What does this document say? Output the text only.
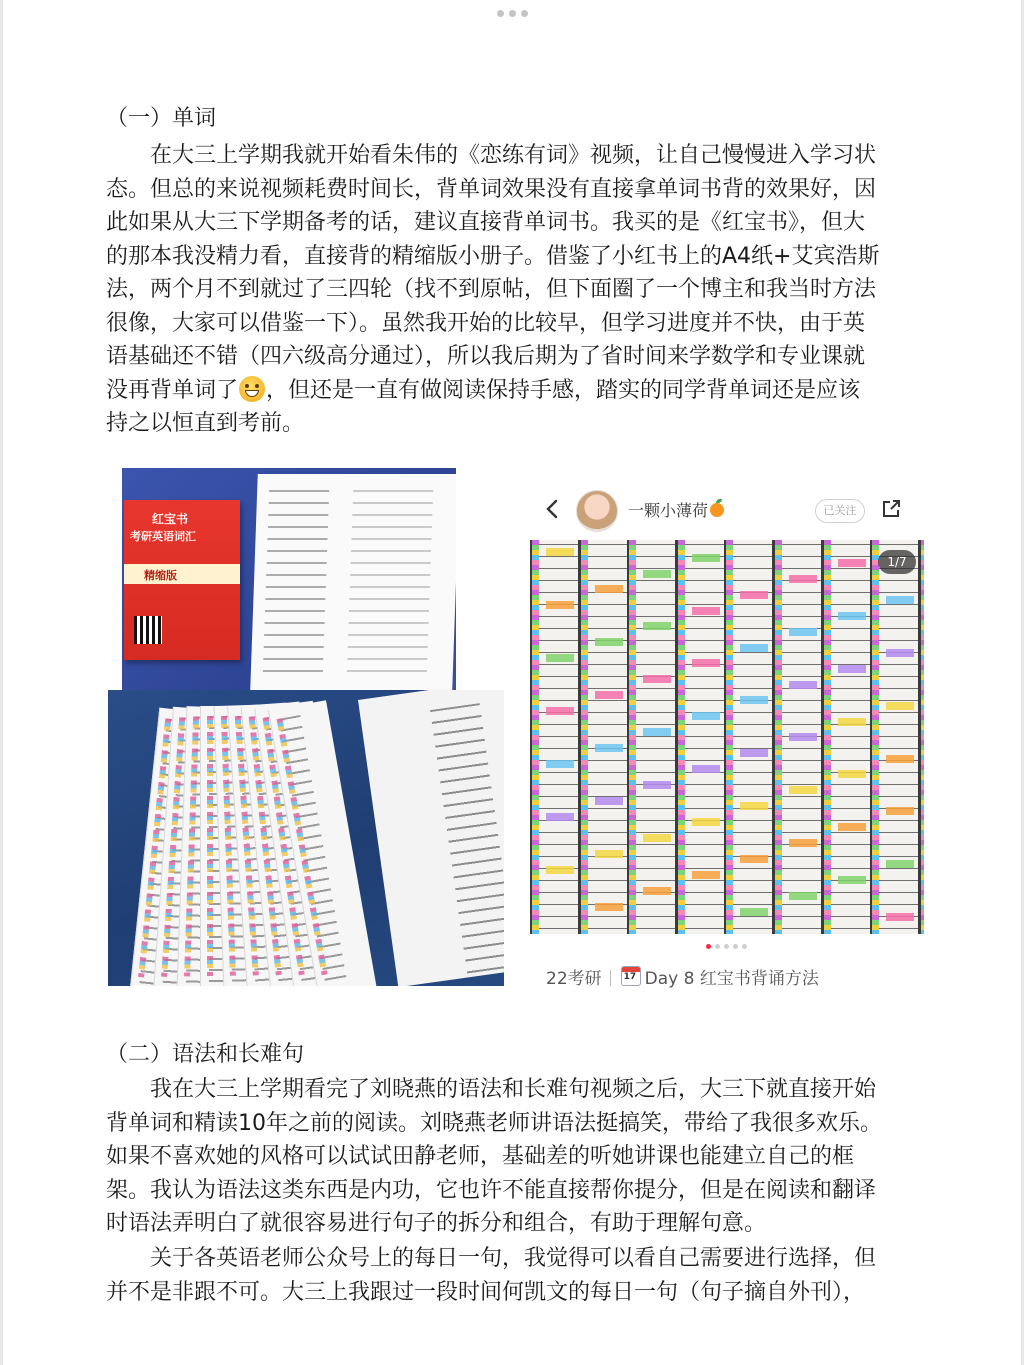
（一）单词
　　在大三上学期我就开始看朱伟的《恋练有词》视频，让自己慢慢进入学习状
态。但总的来说视频耗费时间长，背单词效果没有直接拿单词书背的效果好，因
此如果从大三下学期备考的话，建议直接背单词书。我买的是《红宝书》，但大
的那本我没精力看，直接背的精缩版小册子。借鉴了小红书上的A4纸+艾宾浩斯
法，两个月不到就过了三四轮（找不到原帖，但下面圈了一个博主和我当时方法
很像，大家可以借鉴一下）。虽然我开始的比较早，但学习进度并不快，由于英
语基础还不错（四六级高分通过），所以我后期为了省时间来学数学和专业课就
没再背单词了 ，但还是一直有做阅读保持手感，踏实的同学背单词还是应该
持之以恒直到考前。
红宝书
考研英语词汇
精缩版
一颗小薄荷	已关注
1/7
22考研17	Day 8 红宝书背诵方法
（二）语法和长难句
　　我在大三上学期看完了刘晓燕的语法和长难句视频之后，大三下就直接开始
背单词和精读10年之前的阅读。刘晓燕老师讲语法挺搞笑，带给了我很多欢乐。
如果不喜欢她的风格可以试试田静老师，基础差的听她讲课也能建立自己的框
架。我认为语法这类东西是内功，它也许不能直接帮你提分，但是在阅读和翻译
时语法弄明白了就很容易进行句子的拆分和组合，有助于理解句意。
　　关于各英语老师公众号上的每日一句，我觉得可以看自己需要进行选择，但
并不是非跟不可。大三上我跟过一段时间何凯文的每日一句（句子摘自外刊），
